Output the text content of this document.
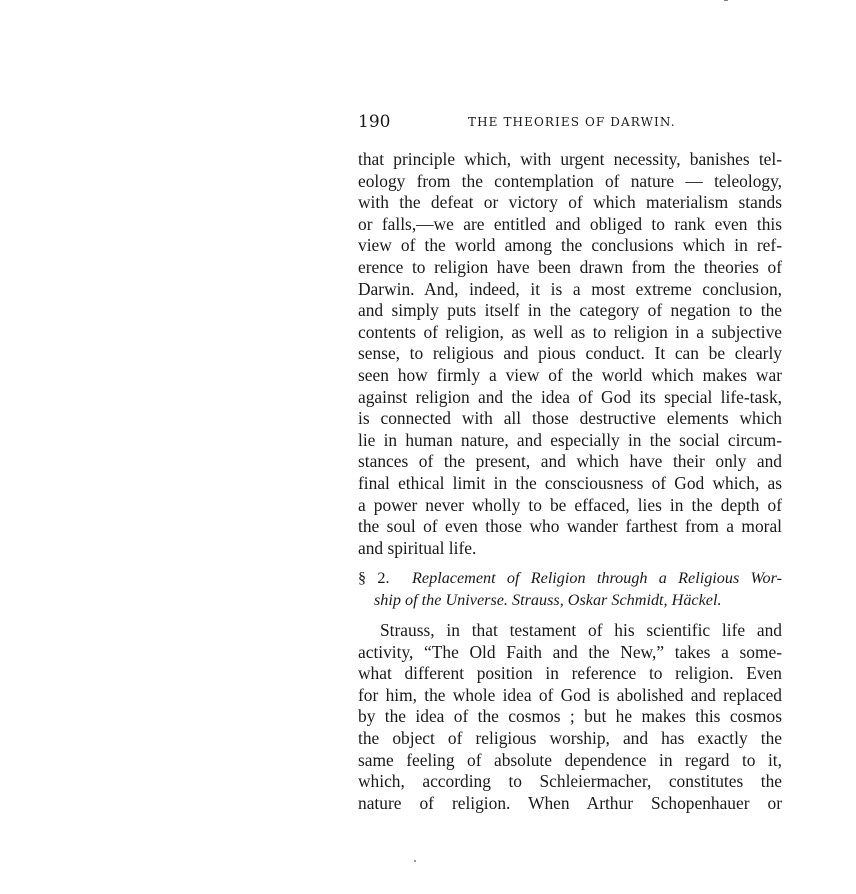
190	THE THEORIES OF DARWIN.
that principle which, with urgent necessity, banishes tel-
eology from the contemplation of nature — teleology,
with the defeat or victory of which materialism stands
or falls,—we are entitled and obliged to rank even this
view of the world among the conclusions which in ref-
erence to religion have been drawn from the theories of
Darwin. And, indeed, it is a most extreme conclusion,
and simply puts itself in the category of negation to the
contents of religion, as well as to religion in a subjective
sense, to religious and pious conduct. It can be clearly
seen how firmly a view of the world which makes war
against religion and the idea of God its special life-task,
is connected with all those destructive elements which
lie in human nature, and especially in the social circum-
stances of the present, and which have their only and
final ethical limit in the consciousness of God which, as
a power never wholly to be effaced, lies in the depth of
the soul of even those who wander farthest from a moral
and spiritual life.
§ 2. Replacement of Religion through a Religious Wor-
ship of the Universe. Strauss, Oskar Schmidt, Häckel.
Strauss, in that testament of his scientific life and
activity, “The Old Faith and the New,” takes a some-
what different position in reference to religion. Even
for him, the whole idea of God is abolished and replaced
by the idea of the cosmos ; but he makes this cosmos
the object of religious worship, and has exactly the
same feeling of absolute dependence in regard to it,
which, according to Schleiermacher, constitutes the
nature of religion. When Arthur Schopenhauer or
